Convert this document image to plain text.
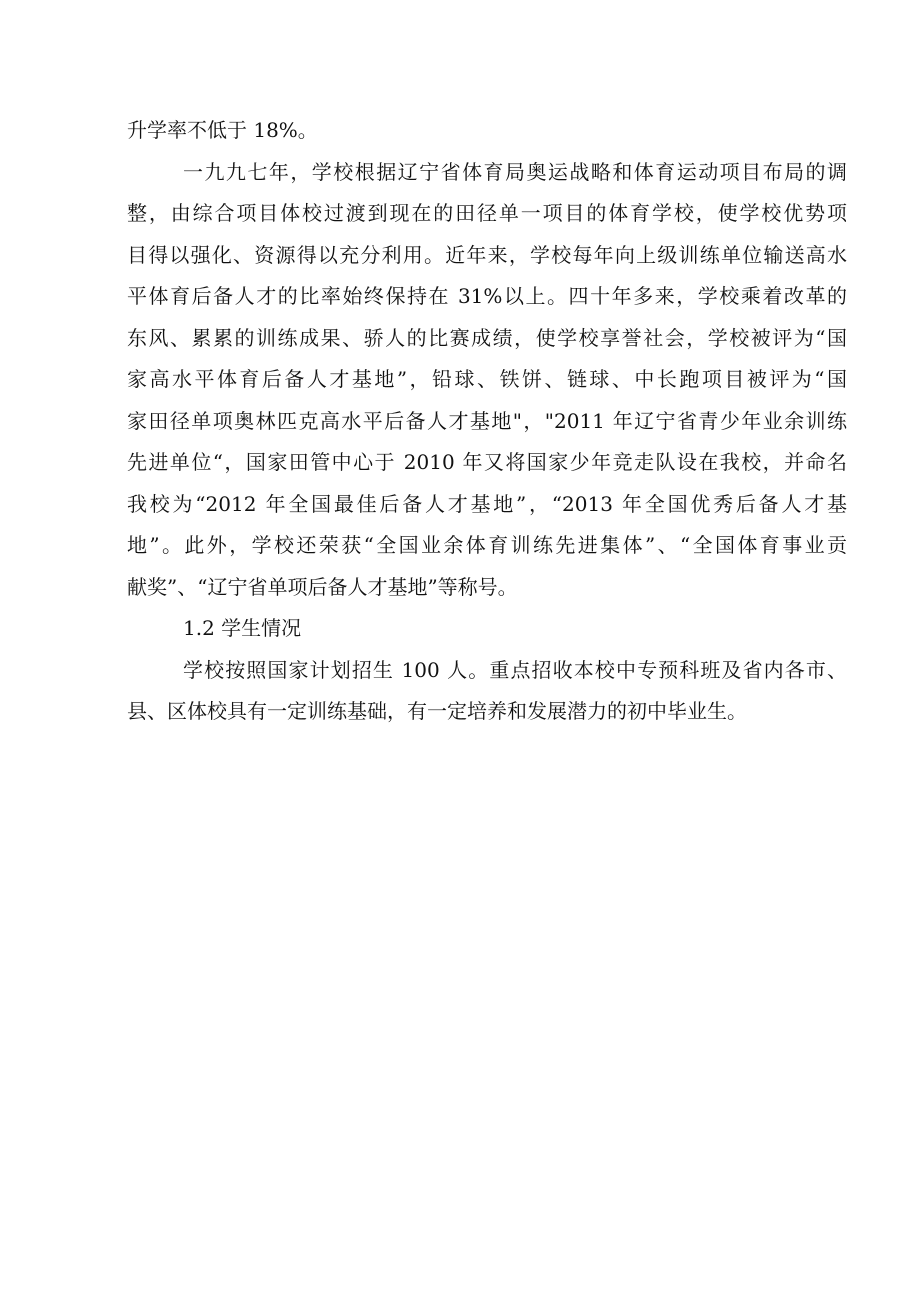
升学率不低于 18%。
一九九七年，学校根据辽宁省体育局奥运战略和体育运动项目布局的调
整，由综合项目体校过渡到现在的田径单一项目的体育学校，使学校优势项
目得以强化、资源得以充分利用。近年来，学校每年向上级训练单位输送高水
平体育后备人才的比率始终保持在 31%以上。四十年多来，学校乘着改革的
东风、累累的训练成果、骄人的比赛成绩，使学校享誉社会，学校被评为“国
家高水平体育后备人才基地”，铅球、铁饼、链球、中长跑项目被评为“国
家田径单项奥林匹克高水平后备人才基地"，"2011 年辽宁省青少年业余训练
先进单位“，国家田管中心于 2010 年又将国家少年竞走队设在我校，并命名
我校为“2012 年全国最佳后备人才基地”，“2013 年全国优秀后备人才基
地”。此外，学校还荣获“全国业余体育训练先进集体”、“全国体育事业贡
献奖”、“辽宁省单项后备人才基地”等称号。
1.2 学生情况
学校按照国家计划招生 100 人。重点招收本校中专预科班及省内各市、
县、区体校具有一定训练基础，有一定培养和发展潜力的初中毕业生。
